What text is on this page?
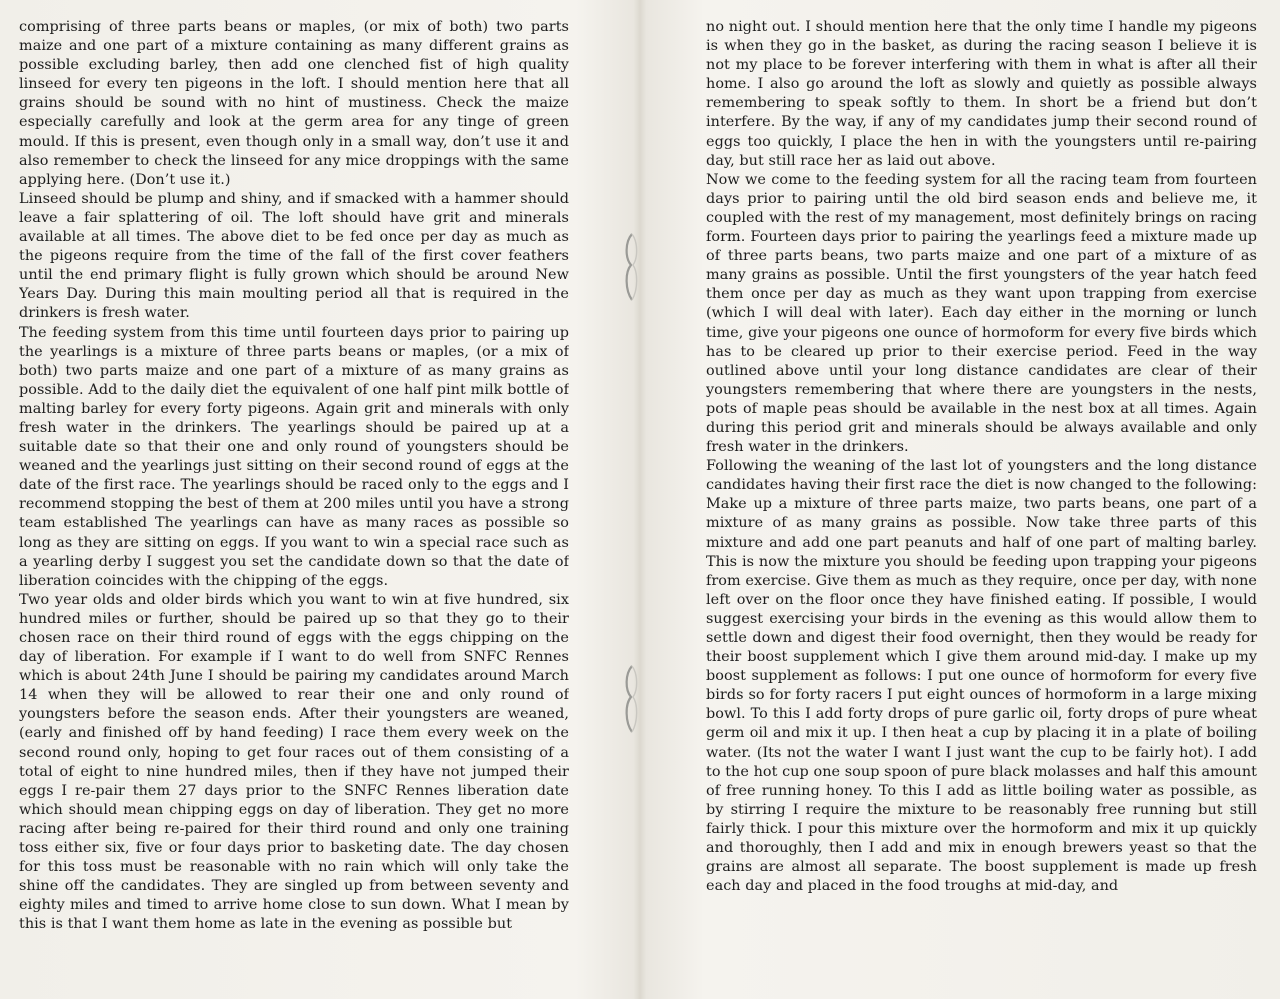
comprising of three parts beans or maples, (or mix of both) two parts maize and one part of a mixture containing as many different grains as possible excluding barley, then add one clenched fist of high quality linseed for every ten pigeons in the loft. I should mention here that all grains should be sound with no hint of mustiness. Check the maize especially carefully and look at the germ area for any tinge of green mould. If this is present, even though only in a small way, don’t use it and also remember to check the linseed for any mice droppings with the same applying here. (Don’t use it.)

Linseed should be plump and shiny, and if smacked with a hammer should leave a fair splattering of oil. The loft should have grit and minerals available at all times. The above diet to be fed once per day as much as the pigeons require from the time of the fall of the first cover feathers until the end primary flight is fully grown which should be around New Years Day. During this main moulting period all that is required in the drinkers is fresh water.

The feeding system from this time until fourteen days prior to pairing up the yearlings is a mixture of three parts beans or maples, (or a mix of both) two parts maize and one part of a mixture of as many grains as possible. Add to the daily diet the equivalent of one half pint milk bottle of malting barley for every forty pigeons. Again grit and minerals with only fresh water in the drinkers. The yearlings should be paired up at a suitable date so that their one and only round of youngsters should be weaned and the yearlings just sitting on their second round of eggs at the date of the first race. The yearlings should be raced only to the eggs and I recommend stopping the best of them at 200 miles until you have a strong team established The yearlings can have as many races as possible so long as they are sitting on eggs. If you want to win a special race such as a yearling derby I suggest you set the candidate down so that the date of liberation coincides with the chipping of the eggs.

Two year olds and older birds which you want to win at five hundred, six hundred miles or further, should be paired up so that they go to their chosen race on their third round of eggs with the eggs chipping on the day of liberation. For example if I want to do well from SNFC Rennes which is about 24th June I should be pairing my candidates around March 14 when they will be allowed to rear their one and only round of youngsters before the season ends. After their youngsters are weaned, (early and finished off by hand feeding) I race them every week on the second round only, hoping to get four races out of them consisting of a total of eight to nine hundred miles, then if they have not jumped their eggs I re-pair them 27 days prior to the SNFC Rennes liberation date which should mean chipping eggs on day of liberation. They get no more racing after being re-paired for their third round and only one training toss either six, five or four days prior to basketing date. The day chosen for this toss must be reasonable with no rain which will only take the shine off the candidates. They are singled up from between seventy and eighty miles and timed to arrive home close to sun down. What I mean by this is that I want them home as late in the evening as possible but

no night out. I should mention here that the only time I handle my pigeons is when they go in the basket, as during the racing season I believe it is not my place to be forever interfering with them in what is after all their home. I also go around the loft as slowly and quietly as possible always remembering to speak softly to them. In short be a friend but don’t interfere. By the way, if any of my candidates jump their second round of eggs too quickly, I place the hen in with the youngsters until re-pairing day, but still race her as laid out above.

Now we come to the feeding system for all the racing team from fourteen days prior to pairing until the old bird season ends and believe me, it coupled with the rest of my management, most definitely brings on racing form. Fourteen days prior to pairing the yearlings feed a mixture made up of three parts beans, two parts maize and one part of a mixture of as many grains as possible. Until the first youngsters of the year hatch feed them once per day as much as they want upon trapping from exercise (which I will deal with later). Each day either in the morning or lunch time, give your pigeons one ounce of hormoform for every five birds which has to be cleared up prior to their exercise period. Feed in the way outlined above until your long distance candidates are clear of their youngsters remembering that where there are youngsters in the nests, pots of maple peas should be available in the nest box at all times. Again during this period grit and minerals should be always available and only fresh water in the drinkers.

Following the weaning of the last lot of youngsters and the long distance candidates having their first race the diet is now changed to the following: Make up a mixture of three parts maize, two parts beans, one part of a mixture of as many grains as possible. Now take three parts of this mixture and add one part peanuts and half of one part of malting barley. This is now the mixture you should be feeding upon trapping your pigeons from exercise. Give them as much as they require, once per day, with none left over on the floor once they have finished eating. If possible, I would suggest exercising your birds in the evening as this would allow them to settle down and digest their food overnight, then they would be ready for their boost supplement which I give them around mid-day. I make up my boost supplement as follows: I put one ounce of hormoform for every five birds so for forty racers I put eight ounces of hormoform in a large mixing bowl. To this I add forty drops of pure garlic oil, forty drops of pure wheat germ oil and mix it up. I then heat a cup by placing it in a plate of boiling water. (Its not the water I want I just want the cup to be fairly hot). I add to the hot cup one soup spoon of pure black molasses and half this amount of free running honey. To this I add as little boiling water as possible, as by stirring I require the mixture to be reasonably free running but still fairly thick. I pour this mixture over the hormoform and mix it up quickly and thoroughly, then I add and mix in enough brewers yeast so that the grains are almost all separate. The boost supplement is made up fresh each day and placed in the food troughs at mid-day, and
